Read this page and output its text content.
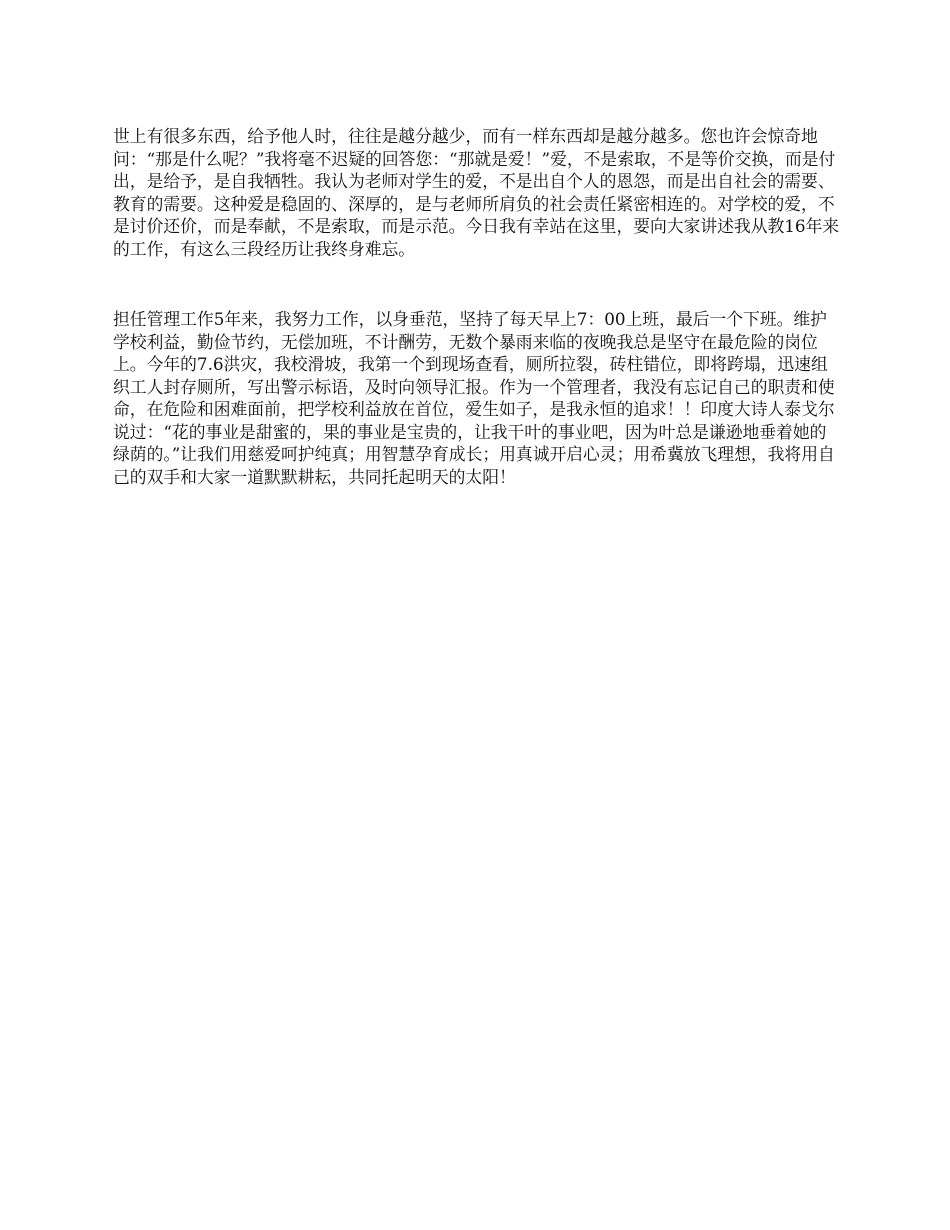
世上有很多东西，给予他人时，往往是越分越少，而有一样东西却是越分越多。您也许会惊奇地问：“那是什么呢？”我将毫不迟疑的回答您：“那就是爱！”爱，不是索取，不是等价交换，而是付出，是给予，是自我牺牲。我认为老师对学生的爱，不是出自个人的恩怨，而是出自社会的需要、教育的需要。这种爱是稳固的、深厚的，是与老师所肩负的社会责任紧密相连的。对学校的爱，不是讨价还价，而是奉献，不是索取，而是示范。今日我有幸站在这里，要向大家讲述我从教16年来的工作，有这么三段经历让我终身难忘。

担任管理工作5年来，我努力工作，以身垂范，坚持了每天早上7：00上班，最后一个下班。维护学校利益，勤俭节约，无偿加班，不计酬劳，无数个暴雨来临的夜晚我总是坚守在最危险的岗位上。今年的7.6洪灾，我校滑坡，我第一个到现场查看，厕所拉裂，砖柱错位，即将跨塌，迅速组织工人封存厕所，写出警示标语，及时向领导汇报。作为一个管理者，我没有忘记自己的职责和使命，在危险和困难面前，把学校利益放在首位，爱生如子，是我永恒的追求！！印度大诗人泰戈尔说过：“花的事业是甜蜜的，果的事业是宝贵的，让我干叶的事业吧，因为叶总是谦逊地垂着她的绿荫的。”让我们用慈爱呵护纯真；用智慧孕育成长；用真诚开启心灵；用希冀放飞理想，我将用自己的双手和大家一道默默耕耘，共同托起明天的太阳！
